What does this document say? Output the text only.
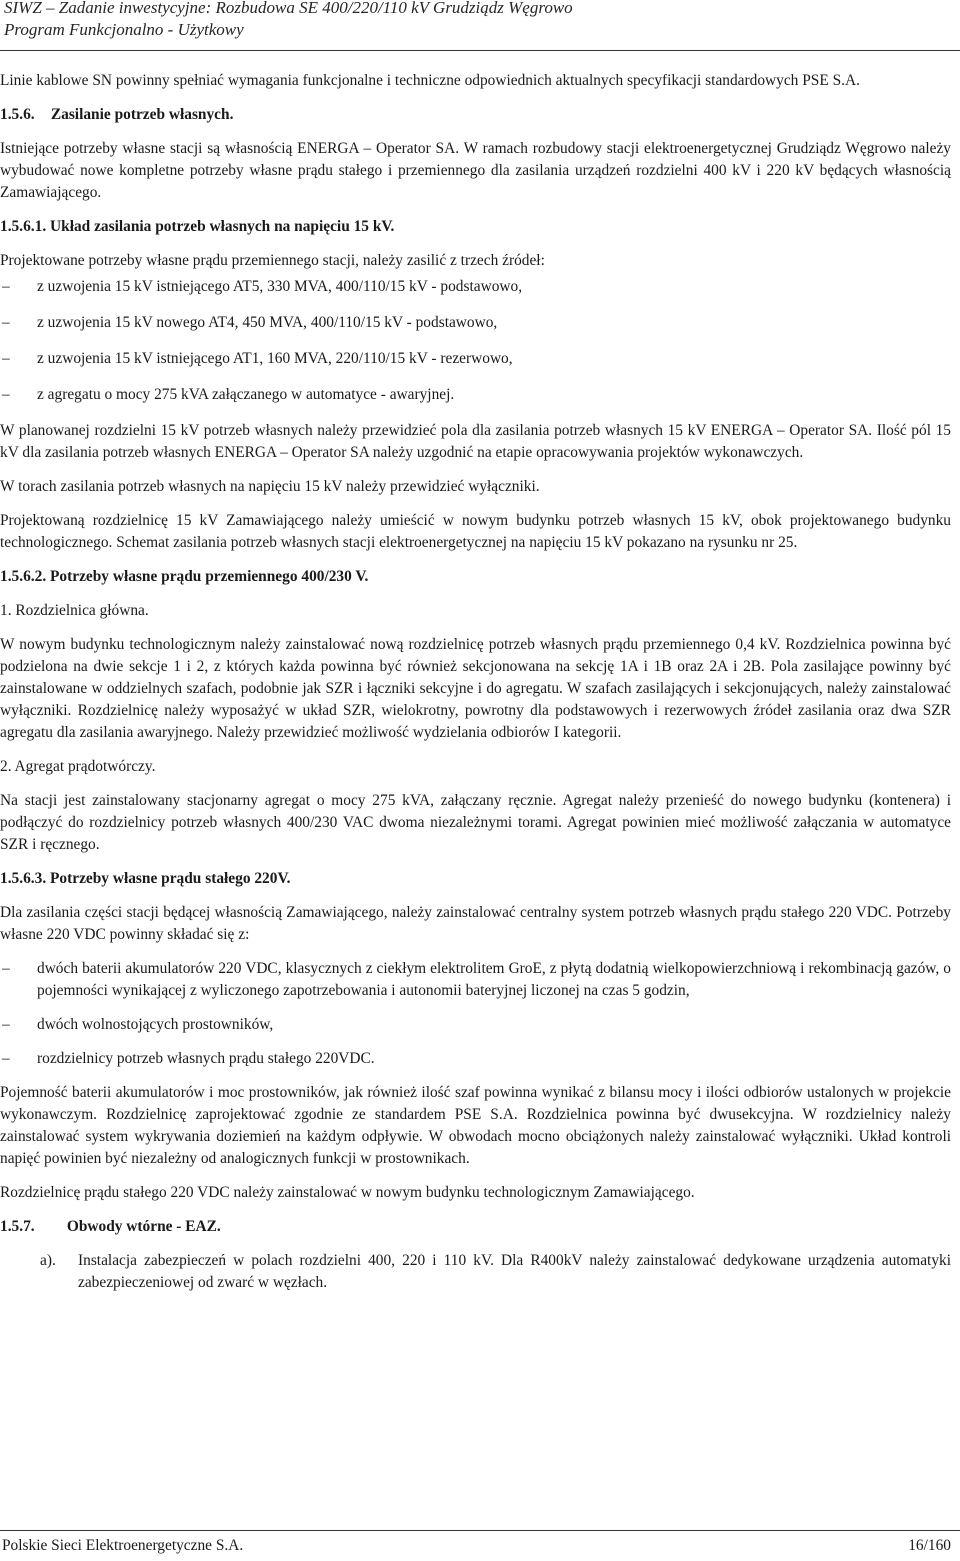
SIWZ – Zadanie inwestycyjne: Rozbudowa SE 400/220/110 kV Grudziądz Węgrowo
Program Funkcjonalno - Użytkowy

Linie kablowe SN powinny spełniać wymagania funkcjonalne i techniczne odpowiednich aktualnych specyfikacji standardowych PSE S.A.

1.5.6. Zasilanie potrzeb własnych.

Istniejące potrzeby własne stacji są własnością ENERGA – Operator SA. W ramach rozbudowy stacji elektroenergetycznej Grudziądz Węgrowo należy wybudować nowe kompletne potrzeby własne prądu stałego i przemiennego dla zasilania urządzeń rozdzielni 400 kV i 220 kV będących własnością Zamawiającego.

1.5.6.1. Układ zasilania potrzeb własnych na napięciu 15 kV.

Projektowane potrzeby własne prądu przemiennego stacji, należy zasilić z trzech źródeł:

– z uzwojenia 15 kV istniejącego AT5, 330 MVA, 400/110/15 kV - podstawowo,
– z uzwojenia 15 kV nowego AT4, 450 MVA, 400/110/15 kV - podstawowo,
– z uzwojenia 15 kV istniejącego AT1, 160 MVA, 220/110/15 kV - rezerwowo,
– z agregatu o mocy 275 kVA załączanego w automatyce - awaryjnej.

W planowanej rozdzielni 15 kV potrzeb własnych należy przewidzieć pola dla zasilania potrzeb własnych 15 kV ENERGA – Operator SA. Ilość pól 15 kV dla zasilania potrzeb własnych ENERGA – Operator SA należy uzgodnić na etapie opracowywania projektów wykonawczych.

W torach zasilania potrzeb własnych na napięciu 15 kV należy przewidzieć wyłączniki.

Projektowaną rozdzielnicę 15 kV Zamawiającego należy umieścić w nowym budynku potrzeb własnych 15 kV, obok projektowanego budynku technologicznego. Schemat zasilania potrzeb własnych stacji elektroenergetycznej na napięciu 15 kV pokazano na rysunku nr 25.

1.5.6.2. Potrzeby własne prądu przemiennego 400/230 V.

1. Rozdzielnica główna.

W nowym budynku technologicznym należy zainstalować nową rozdzielnicę potrzeb własnych prądu przemiennego 0,4 kV. Rozdzielnica powinna być podzielona na dwie sekcje 1 i 2, z których każda powinna być również sekcjonowana na sekcję 1A i 1B oraz 2A i 2B. Pola zasilające powinny być zainstalowane w oddzielnych szafach, podobnie jak SZR i łączniki sekcyjne i do agregatu. W szafach zasilających i sekcjonujących, należy zainstalować wyłączniki. Rozdzielnicę należy wyposażyć w układ SZR, wielokrotny, powrotny dla podstawowych i rezerwowych źródeł zasilania oraz dwa SZR agregatu dla zasilania awaryjnego. Należy przewidzieć możliwość wydzielania odbiorów I kategorii.

2. Agregat prądotwórczy.

Na stacji jest zainstalowany stacjonarny agregat o mocy 275 kVA, załączany ręcznie. Agregat należy przenieść do nowego budynku (kontenera) i podłączyć do rozdzielnicy potrzeb własnych 400/230 VAC dwoma niezależnymi torami. Agregat powinien mieć możliwość załączania w automatyce SZR i ręcznego.

1.5.6.3. Potrzeby własne prądu stałego 220V.

Dla zasilania części stacji będącej własnością Zamawiającego, należy zainstalować centralny system potrzeb własnych prądu stałego 220 VDC. Potrzeby własne 220 VDC powinny składać się z:

– dwóch baterii akumulatorów 220 VDC, klasycznych z ciekłym elektrolitem GroE, z płytą dodatnią wielkopowierzchniową i rekombinacją gazów, o pojemności wynikającej z wyliczonego zapotrzebowania i autonomii bateryjnej liczonej na czas 5 godzin,
– dwóch wolnostojących prostowników,
– rozdzielnicy potrzeb własnych prądu stałego 220VDC.

Pojemność baterii akumulatorów i moc prostowników, jak również ilość szaf powinna wynikać z bilansu mocy i ilości odbiorów ustalonych w projekcie wykonawczym. Rozdzielnicę zaprojektować zgodnie ze standardem PSE S.A. Rozdzielnica powinna być dwusekcyjna. W rozdzielnicy należy zainstalować system wykrywania doziemień na każdym odpływie. W obwodach mocno obciążonych należy zainstalować wyłączniki. Układ kontroli napięć powinien być niezależny od analogicznych funkcji w prostownikach.

Rozdzielnicę prądu stałego 220 VDC należy zainstalować w nowym budynku technologicznym Zamawiającego.

1.5.7. Obwody wtórne - EAZ.
a). Instalacja zabezpieczeń w polach rozdzielni 400, 220 i 110 kV. Dla R400kV należy zainstalować dedykowane urządzenia automatyki zabezpieczeniowej od zwarć w węzłach.
Polskie Sieci Elektroenergetyczne S.A.	16/160
